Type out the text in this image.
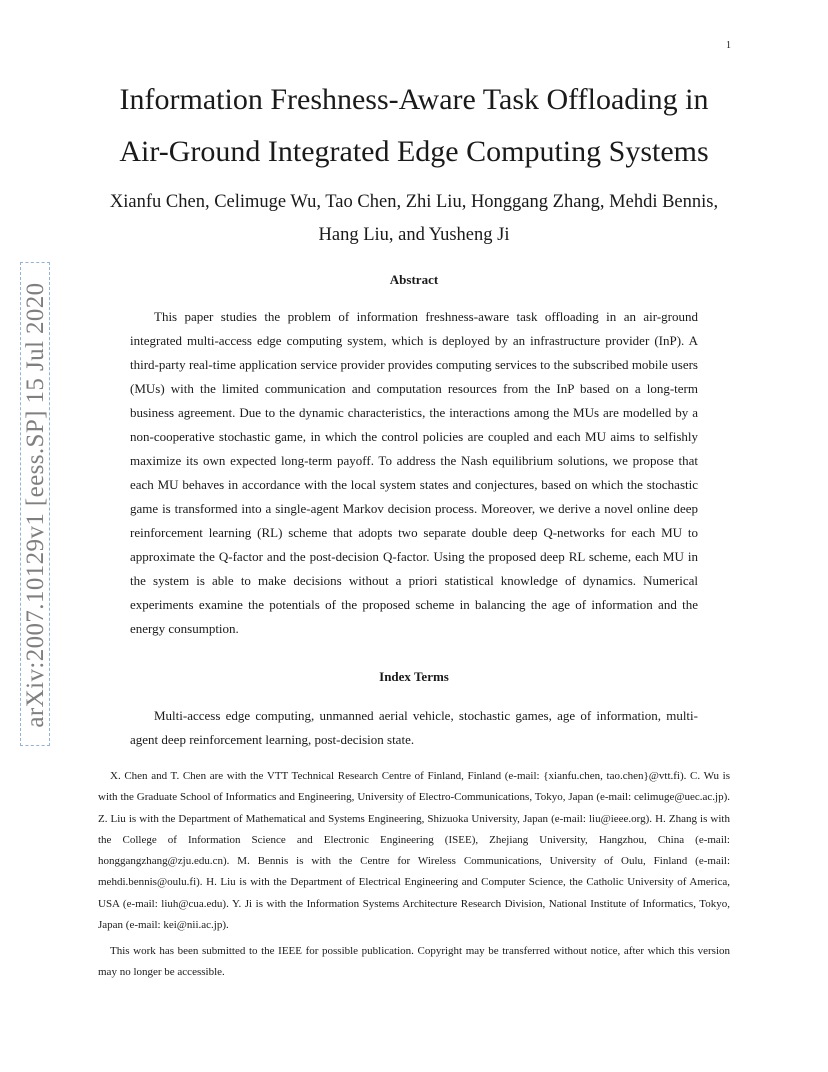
1
arXiv:2007.10129v1 [eess.SP] 15 Jul 2020
Information Freshness-Aware Task Offloading in Air-Ground Integrated Edge Computing Systems
Xianfu Chen, Celimuge Wu, Tao Chen, Zhi Liu, Honggang Zhang, Mehdi Bennis, Hang Liu, and Yusheng Ji
Abstract

This paper studies the problem of information freshness-aware task offloading in an air-ground integrated multi-access edge computing system, which is deployed by an infrastructure provider (InP). A third-party real-time application service provider provides computing services to the subscribed mobile users (MUs) with the limited communication and computation resources from the InP based on a long-term business agreement. Due to the dynamic characteristics, the interactions among the MUs are modelled by a non-cooperative stochastic game, in which the control policies are coupled and each MU aims to selfishly maximize its own expected long-term payoff. To address the Nash equilibrium solutions, we propose that each MU behaves in accordance with the local system states and conjectures, based on which the stochastic game is transformed into a single-agent Markov decision process. Moreover, we derive a novel online deep reinforcement learning (RL) scheme that adopts two separate double deep Q-networks for each MU to approximate the Q-factor and the post-decision Q-factor. Using the proposed deep RL scheme, each MU in the system is able to make decisions without a priori statistical knowledge of dynamics. Numerical experiments examine the potentials of the proposed scheme in balancing the age of information and the energy consumption.

Index Terms

Multi-access edge computing, unmanned aerial vehicle, stochastic games, age of information, multi-agent deep reinforcement learning, post-decision state.

X. Chen and T. Chen are with the VTT Technical Research Centre of Finland, Finland (e-mail: {xianfu.chen, tao.chen}@vtt.fi). C. Wu is with the Graduate School of Informatics and Engineering, University of Electro-Communications, Tokyo, Japan (e-mail: celimuge@uec.ac.jp). Z. Liu is with the Department of Mathematical and Systems Engineering, Shizuoka University, Japan (e-mail: liu@ieee.org). H. Zhang is with the College of Information Science and Electronic Engineering (ISEE), Zhejiang University, Hangzhou, China (e-mail: honggangzhang@zju.edu.cn). M. Bennis is with the Centre for Wireless Communications, University of Oulu, Finland (e-mail: mehdi.bennis@oulu.fi). H. Liu is with the Department of Electrical Engineering and Computer Science, the Catholic University of America, USA (e-mail: liuh@cua.edu). Y. Ji is with the Information Systems Architecture Research Division, National Institute of Informatics, Tokyo, Japan (e-mail: kei@nii.ac.jp).

This work has been submitted to the IEEE for possible publication. Copyright may be transferred without notice, after which this version may no longer be accessible.
